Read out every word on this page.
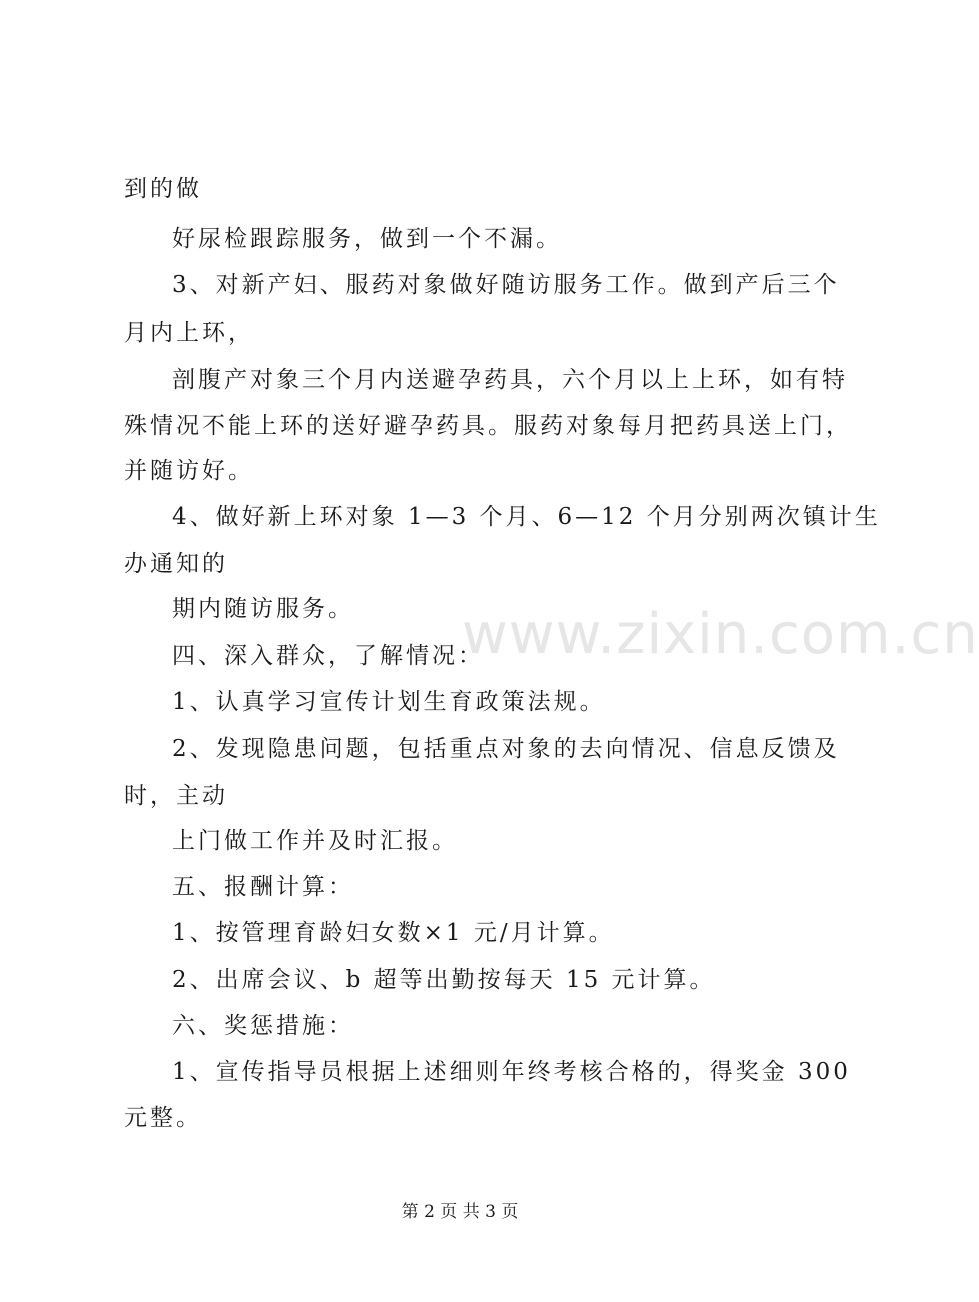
到的做
好尿检跟踪服务，做到一个不漏。
3、对新产妇、服药对象做好随访服务工作。做到产后三个
月内上环，
剖腹产对象三个月内送避孕药具，六个月以上上环，如有特
殊情况不能上环的送好避孕药具。服药对象每月把药具送上门，
并随访好。
4、做好新上环对象 1—3 个月、6—12 个月分别两次镇计生
办通知的
期内随访服务。
四、深入群众，了解情况：
1、认真学习宣传计划生育政策法规。
2、发现隐患问题，包括重点对象的去向情况、信息反馈及
时，主动
上门做工作并及时汇报。
五、报酬计算：
1、按管理育龄妇女数×1 元/月计算。
2、出席会议、b 超等出勤按每天 15 元计算。
六、奖惩措施：
1、宣传指导员根据上述细则年终考核合格的，得奖金 300
元整。
www.zixin.com.cn
第 2 页 共 3 页
